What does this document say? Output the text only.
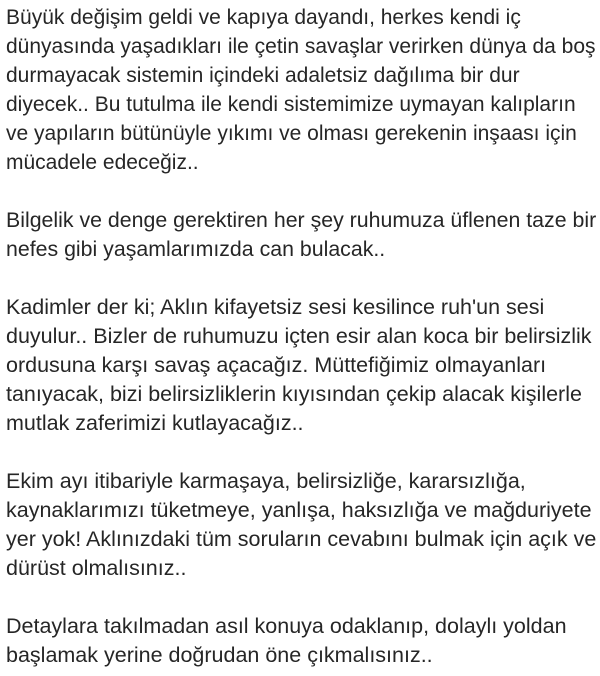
Büyük değişim geldi ve kapıya dayandı, herkes kendi iç
dünyasında yaşadıkları ile çetin savaşlar verirken dünya da boş
durmayacak sistemin içindeki adaletsiz dağılıma bir dur
diyecek.. Bu tutulma ile kendi sistemimize uymayan kalıpların
ve yapıların bütünüyle yıkımı ve olması gerekenin inşaası için
mücadele edeceğiz..
Bilgelik ve denge gerektiren her şey ruhumuza üflenen taze bir
nefes gibi yaşamlarımızda can bulacak..
Kadimler der ki; Aklın kifayetsiz sesi kesilince ruh'un sesi
duyulur.. Bizler de ruhumuzu içten esir alan koca bir belirsizlik
ordusuna karşı savaş açacağız. Müttefiğimiz olmayanları
tanıyacak, bizi belirsizliklerin kıyısından çekip alacak kişilerle
mutlak zaferimizi kutlayacağız..
Ekim ayı itibariyle karmaşaya, belirsizliğe, kararsızlığa,
kaynaklarımızı tüketmeye, yanlışa, haksızlığa ve mağduriyete
yer yok! Aklınızdaki tüm soruların cevabını bulmak için açık ve
dürüst olmalısınız..
Detaylara takılmadan asıl konuya odaklanıp, dolaylı yoldan
başlamak yerine doğrudan öne çıkmalısınız..
